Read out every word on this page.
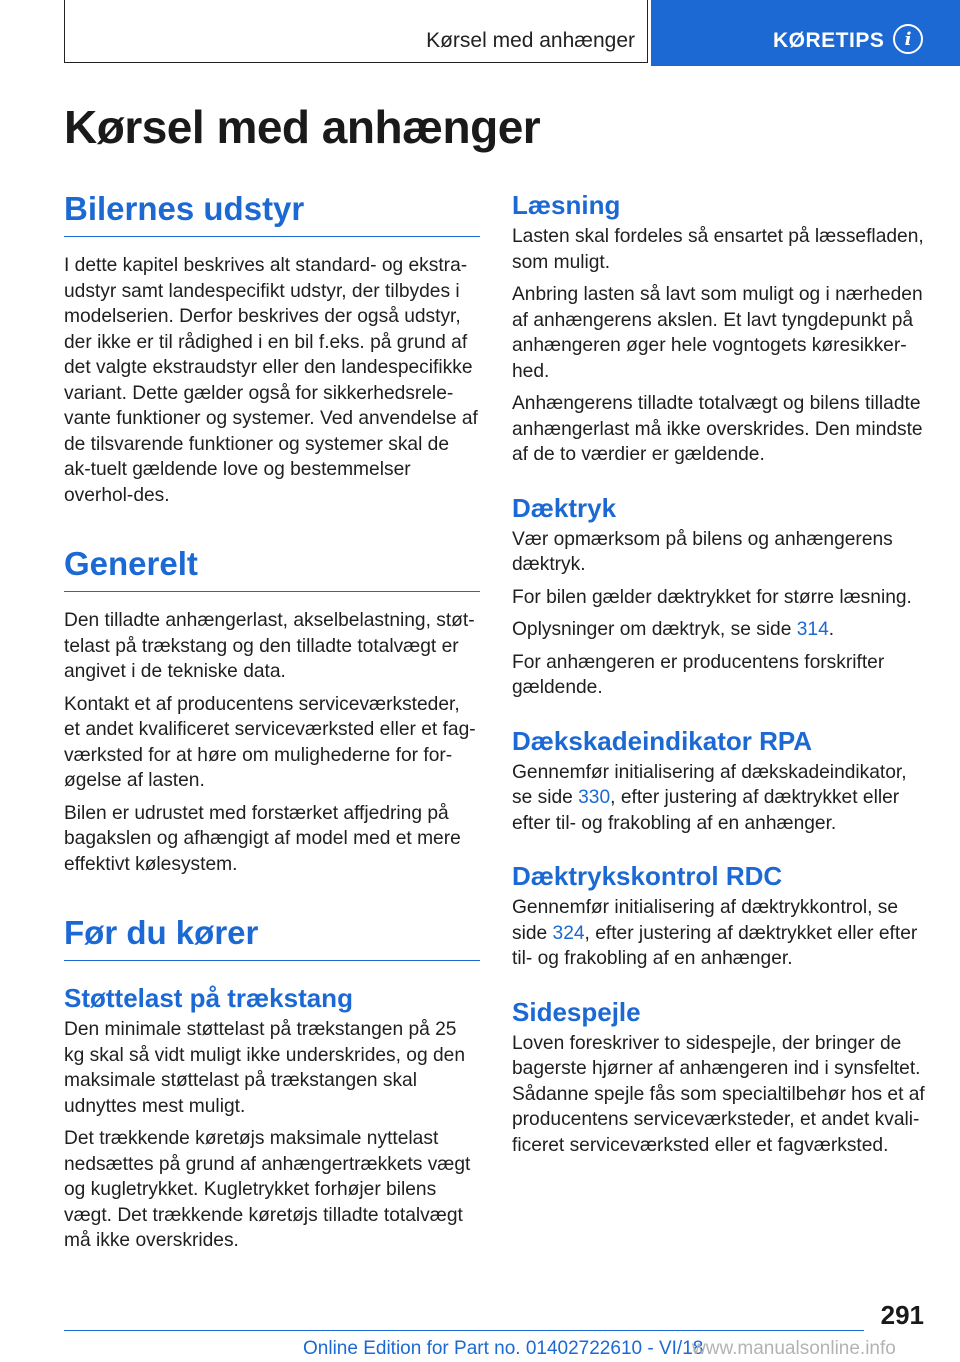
Kørsel med anhænger	KØRETIPS	i
Kørsel med anhænger
Bilernes udstyr

I dette kapitel beskrives alt standard- og ekstra-udstyr samt landespecifikt udstyr, der tilbydes i modelserien. Derfor beskrives der også udstyr, der ikke er til rådighed i en bil f.eks. på grund af det valgte ekstraudstyr eller den landespecifikke variant. Dette gælder også for sikkerhedsrele-vante funktioner og systemer. Ved anvendelse af de tilsvarende funktioner og systemer skal de ak-tuelt gældende love og bestemmelser overhol-des.

Generelt

Den tilladte anhængerlast, akselbelastning, støt-telast på trækstang og den tilladte totalvægt er angivet i de tekniske data.

Kontakt et af producentens serviceværksteder, et andet kvalificeret serviceværksted eller et fag-værksted for at høre om mulighederne for for-øgelse af lasten.

Bilen er udrustet med forstærket affjedring på bagakslen og afhængigt af model med et mere effektivt kølesystem.

Før du kører
Støttelast på trækstang

Den minimale støttelast på trækstangen på 25 kg skal så vidt muligt ikke underskrides, og den maksimale støttelast på trækstangen skal udnyttes mest muligt.

Det trækkende køretøjs maksimale nyttelast nedsættes på grund af anhængertrækkets vægt og kugletrykket. Kugletrykket forhøjer bilens vægt. Det trækkende køretøjs tilladte totalvægt må ikke overskrides.

Læsning

Lasten skal fordeles så ensartet på læssefladen, som muligt.

Anbring lasten så lavt som muligt og i nærheden af anhængerens akslen. Et lavt tyngdepunkt på anhængeren øger hele vogntogets køresikker-hed.

Anhængerens tilladte totalvægt og bilens tilladte anhængerlast må ikke overskrides. Den mindste af de to værdier er gældende.

Dæktryk

Vær opmærksom på bilens og anhængerens dæktryk.

For bilen gælder dæktrykket for større læsning.

Oplysninger om dæktryk, se side 314.

For anhængeren er producentens forskrifter gældende.

Dækskadeindikator RPA

Gennemfør initialisering af dækskadeindikator, se side 330, efter justering af dæktrykket eller efter til- og frakobling af en anhænger.

Dæktrykskontrol RDC

Gennemfør initialisering af dæktrykkontrol, se side 324, efter justering af dæktrykket eller efter til- og frakobling af en anhænger.

Sidespejle

Loven foreskriver to sidespejle, der bringer de bagerste hjørner af anhængeren ind i synsfeltet. Sådanne spejle fås som specialtilbehør hos et af producentens serviceværksteder, et andet kvali-ficeret serviceværksted eller et fagværksted.

291
Online Edition for Part no. 01402722610 - VI/18
www.manualsonline.info
